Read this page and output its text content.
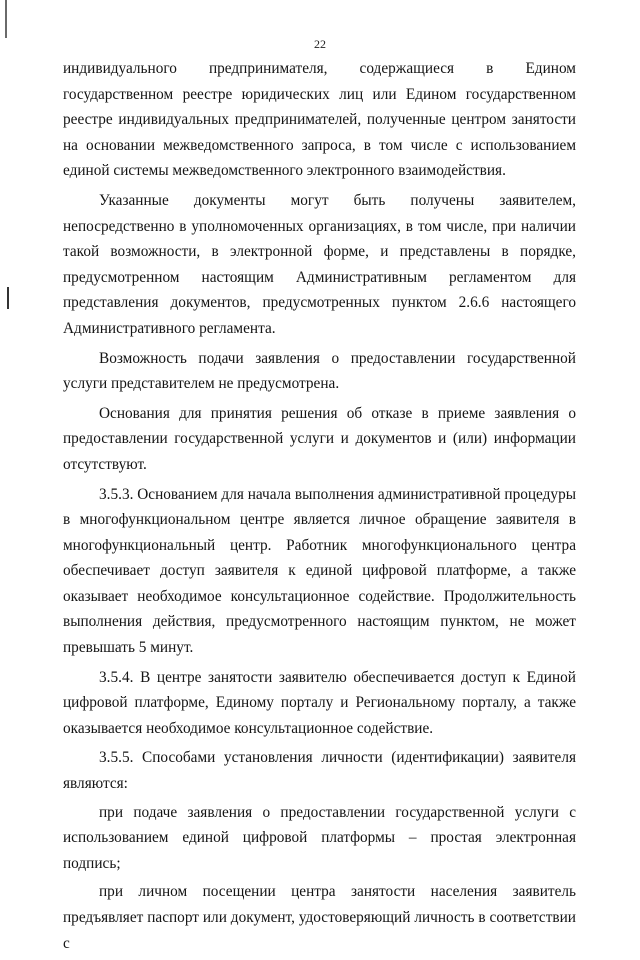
22

индивидуального предпринимателя, содержащиеся в Едином государственном реестре юридических лиц или Едином государственном реестре индивидуальных предпринимателей, полученные центром занятости на основании межведомственного запроса, в том числе с использованием единой системы межведомственного электронного взаимодействия.

Указанные документы могут быть получены заявителем, непосредственно в уполномоченных организациях, в том числе, при наличии такой возможности, в электронной форме, и представлены в порядке, предусмотренном настоящим Административным регламентом для представления документов, предусмотренных пунктом 2.6.6 настоящего Административного регламента.

Возможность подачи заявления о предоставлении государственной услуги представителем не предусмотрена.

Основания для принятия решения об отказе в приеме заявления о предоставлении государственной услуги и документов и (или) информации отсутствуют.

3.5.3. Основанием для начала выполнения административной процедуры в многофункциональном центре является личное обращение заявителя в многофункциональный центр. Работник многофункционального центра обеспечивает доступ заявителя к единой цифровой платформе, а также оказывает необходимое консультационное содействие. Продолжительность выполнения действия, предусмотренного настоящим пунктом, не может превышать 5 минут.

3.5.4. В центре занятости заявителю обеспечивается доступ к Единой цифровой платформе, Единому порталу и Региональному порталу, а также оказывается необходимое консультационное содействие.

3.5.5. Способами установления личности (идентификации) заявителя являются:

при подаче заявления о предоставлении государственной услуги с использованием единой цифровой платформы – простая электронная подпись;

при личном посещении центра занятости населения заявитель предъявляет паспорт или документ, удостоверяющий личность в соответствии с
